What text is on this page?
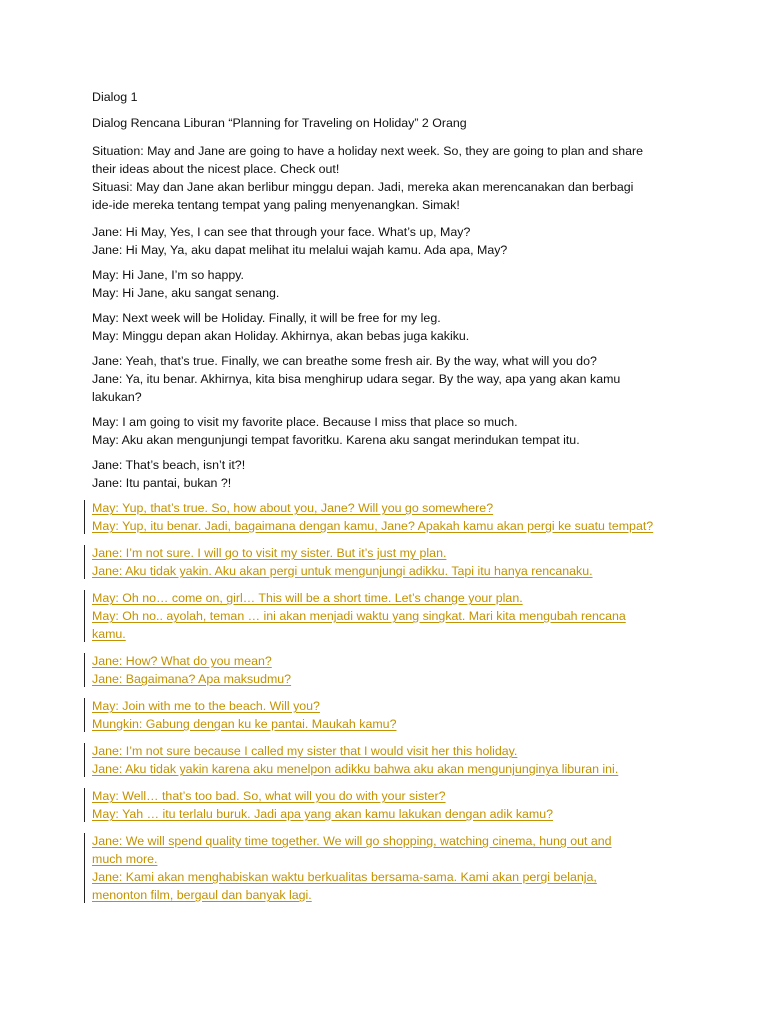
Dialog 1

Dialog Rencana Liburan “Planning for Traveling on Holiday” 2 Orang

Situation: May and Jane are going to have a holiday next week. So, they are going to plan and share
their ideas about the nicest place. Check out!
Situasi: May dan Jane akan berlibur minggu depan. Jadi, mereka akan merencanakan dan berbagi
ide-ide mereka tentang tempat yang paling menyenangkan. Simak!

Jane: Hi May, Yes, I can see that through your face. What’s up, May?
Jane: Hi May, Ya, aku dapat melihat itu melalui wajah kamu. Ada apa, May?

May: Hi Jane, I’m so happy.
May: Hi Jane, aku sangat senang.

May: Next week will be Holiday. Finally, it will be free for my leg.
May: Minggu depan akan Holiday. Akhirnya, akan bebas juga kakiku.

Jane: Yeah, that’s true. Finally, we can breathe some fresh air. By the way, what will you do?
Jane: Ya, itu benar. Akhirnya, kita bisa menghirup udara segar. By the way, apa yang akan kamu
lakukan?

May: I am going to visit my favorite place. Because I miss that place so much.
May: Aku akan mengunjungi tempat favoritku. Karena aku sangat merindukan tempat itu.

Jane: That’s beach, isn’t it?!
Jane: Itu pantai, bukan ?!

May: Yup, that’s true. So, how about you, Jane? Will you go somewhere?
May: Yup, itu benar. Jadi, bagaimana dengan kamu, Jane? Apakah kamu akan pergi ke suatu tempat?

Jane: I’m not sure. I will go to visit my sister. But it’s just my plan.
Jane: Aku tidak yakin. Aku akan pergi untuk mengunjungi adikku. Tapi itu hanya rencanaku.

May: Oh no… come on, girl… This will be a short time. Let’s change your plan.
May: Oh no.. ayolah, teman … ini akan menjadi waktu yang singkat. Mari kita mengubah rencana
kamu.

Jane: How? What do you mean?
Jane: Bagaimana? Apa maksudmu?

May: Join with me to the beach. Will you?
Mungkin: Gabung dengan ku ke pantai. Maukah kamu?

Jane: I’m not sure because I called my sister that I would visit her this holiday.
Jane: Aku tidak yakin karena aku menelpon adikku bahwa aku akan mengunjunginya liburan ini.

May: Well… that’s too bad. So, what will you do with your sister?
May: Yah … itu terlalu buruk. Jadi apa yang akan kamu lakukan dengan adik kamu?

Jane: We will spend quality time together. We will go shopping, watching cinema, hung out and
much more.
Jane: Kami akan menghabiskan waktu berkualitas bersama-sama. Kami akan pergi belanja,
menonton film, bergaul dan banyak lagi.
